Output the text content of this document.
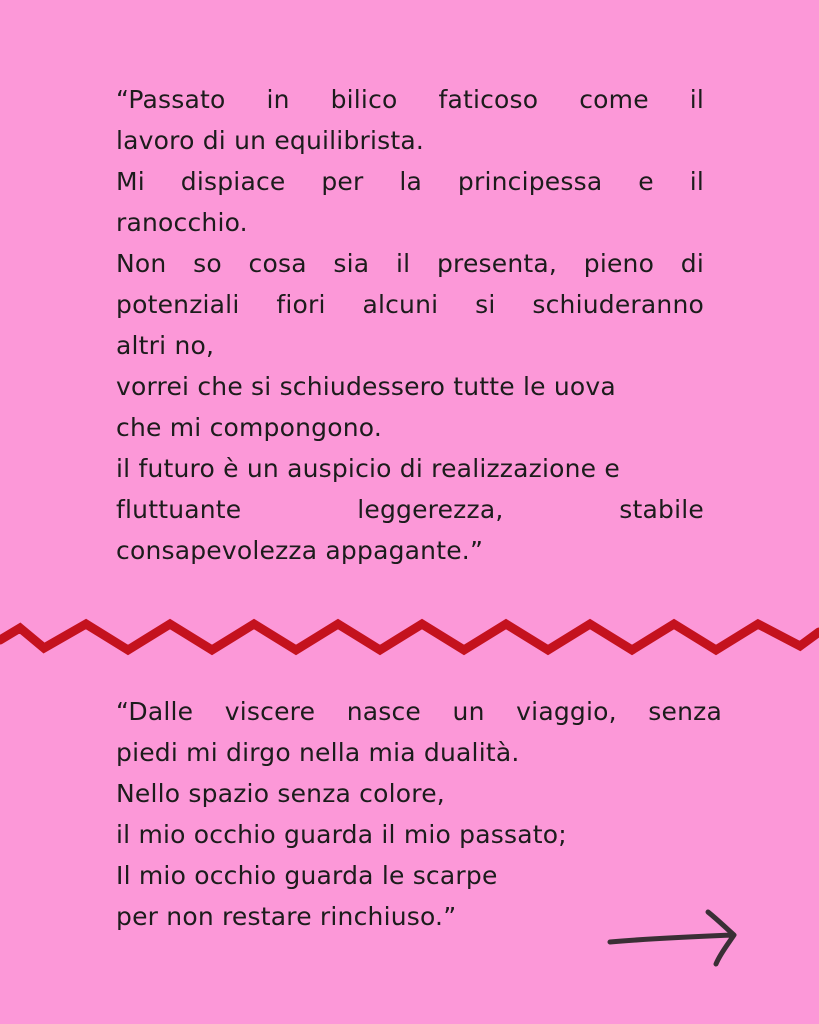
“Passato in bilico faticoso come il
lavoro di un equilibrista.
Mi dispiace per la principessa e il
ranocchio.
Non so cosa sia il presenta, pieno di
potenziali fiori alcuni si schiuderanno
altri no,
vorrei che si schiudessero tutte le uova
che mi compongono.
il futuro è un auspicio di realizzazione e
fluttuante leggerezza, stabile
consapevolezza appagante.”
“Dalle viscere nasce un viaggio, senza
piedi mi dirgo nella mia dualità.
Nello spazio senza colore,
il mio occhio guarda il mio passato;
Il mio occhio guarda le scarpe
per non restare rinchiuso.”
